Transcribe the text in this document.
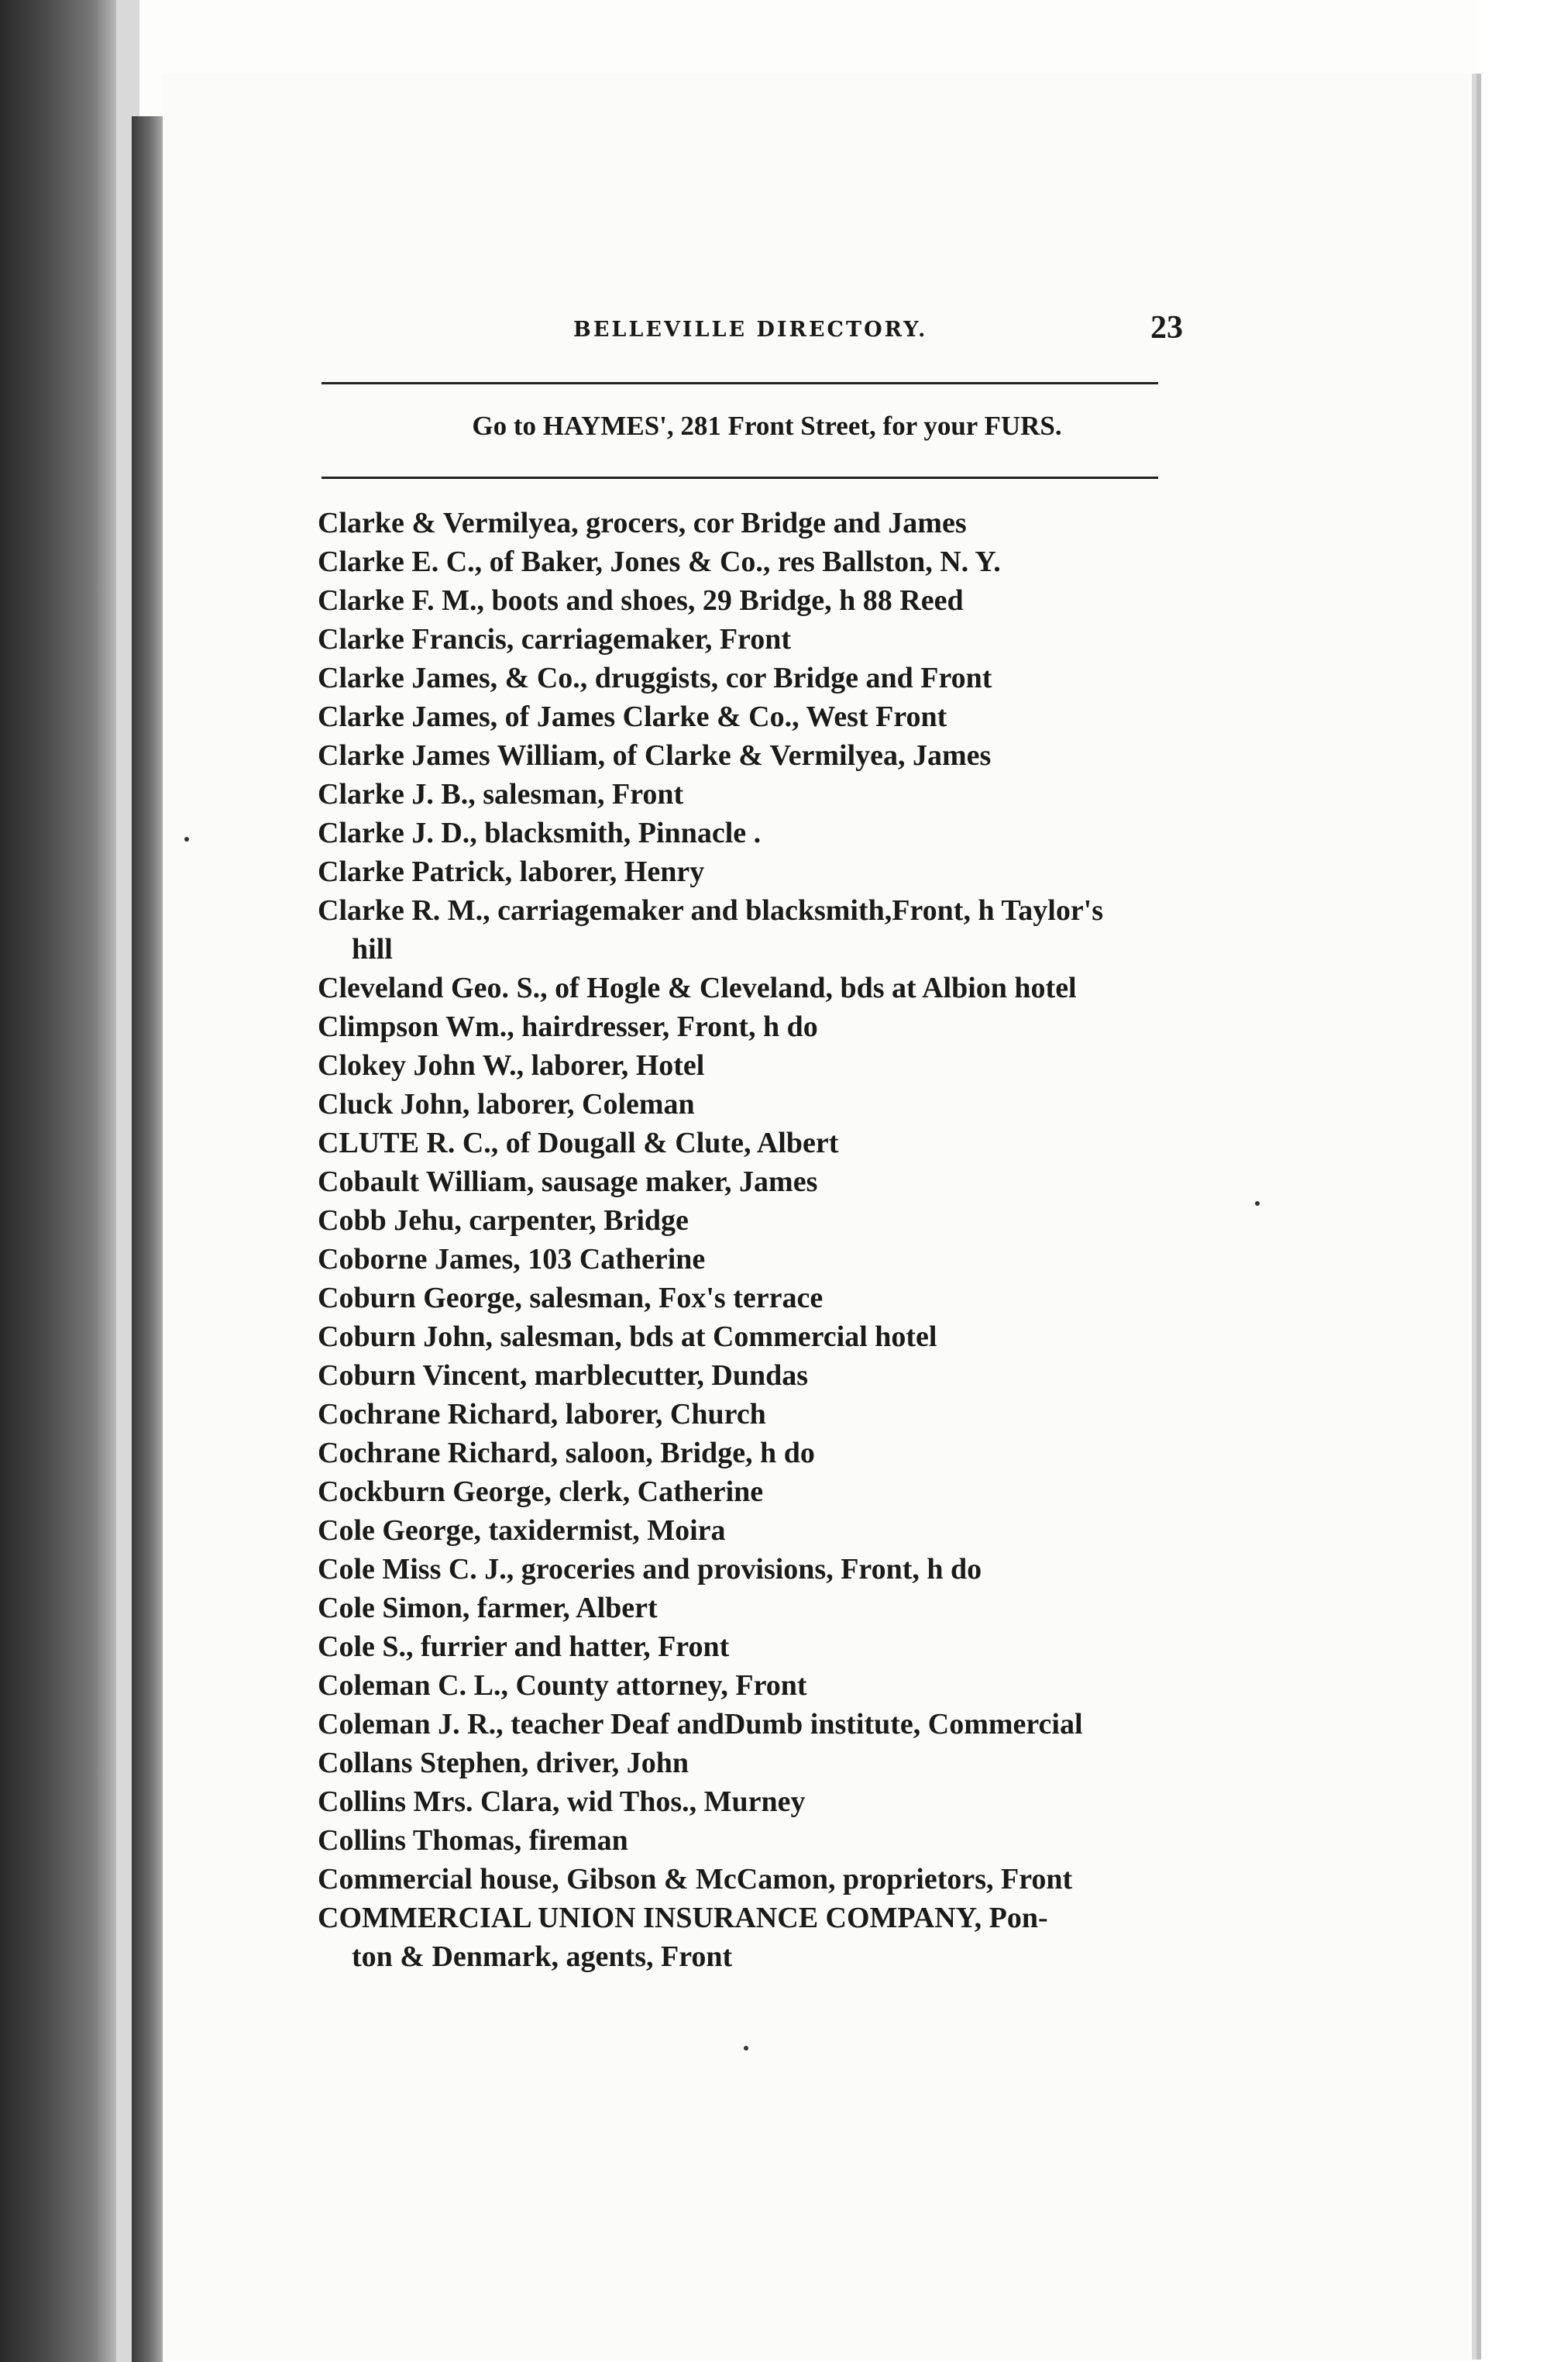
BELLEVILLE DIRECTORY.	23
Go to HAYMES', 281 Front Street, for your FURS.
Clarke & Vermilyea, grocers, cor Bridge and James
Clarke E. C., of Baker, Jones & Co., res Ballston, N. Y.
Clarke F. M., boots and shoes, 29 Bridge, h 88 Reed
Clarke Francis, carriagemaker, Front
Clarke James, & Co., druggists, cor Bridge and Front
Clarke James, of James Clarke & Co., West Front
Clarke James William, of Clarke & Vermilyea, James
Clarke J. B., salesman, Front
Clarke J. D., blacksmith, Pinnacle .
Clarke Patrick, laborer, Henry
Clarke R. M., carriagemaker and blacksmith,Front, h Taylor's
hill
Cleveland Geo. S., of Hogle & Cleveland, bds at Albion hotel
Climpson Wm., hairdresser, Front, h do
Clokey John W., laborer, Hotel
Cluck John, laborer, Coleman
CLUTE R. C., of Dougall & Clute, Albert
Cobault William, sausage maker, James
Cobb Jehu, carpenter, Bridge
Coborne James, 103 Catherine
Coburn George, salesman, Fox's terrace
Coburn John, salesman, bds at Commercial hotel
Coburn Vincent, marblecutter, Dundas
Cochrane Richard, laborer, Church
Cochrane Richard, saloon, Bridge, h do
Cockburn George, clerk, Catherine
Cole George, taxidermist, Moira
Cole Miss C. J., groceries and provisions, Front, h do
Cole Simon, farmer, Albert
Cole S., furrier and hatter, Front
Coleman C. L., County attorney, Front
Coleman J. R., teacher Deaf andDumb institute, Commercial
Collans Stephen, driver, John
Collins Mrs. Clara, wid Thos., Murney
Collins Thomas, fireman
Commercial house, Gibson & McCamon, proprietors, Front
COMMERCIAL UNION INSURANCE COMPANY, Pon-
ton & Denmark, agents, Front
